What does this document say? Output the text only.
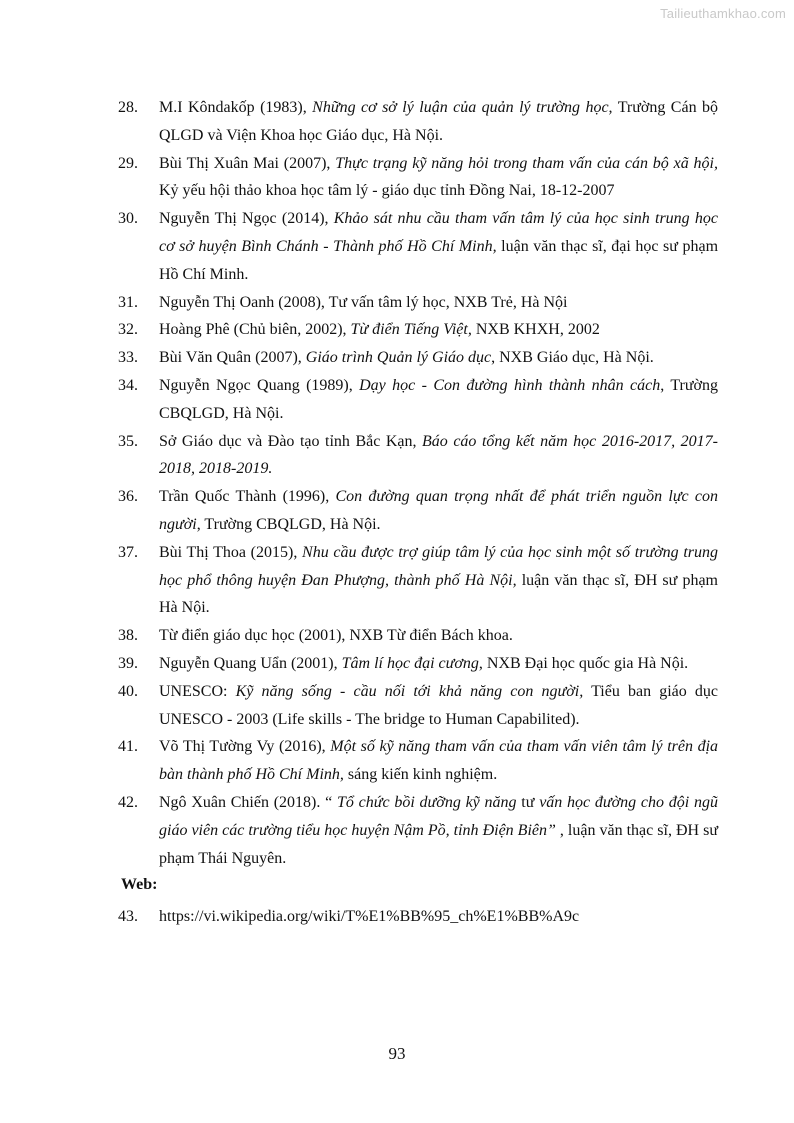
Tailieuthamkhao.com
28. M.I Kôndakốp (1983), Những cơ sở lý luận của quản lý trường học, Trường Cán bộ QLGD và Viện Khoa học Giáo dục, Hà Nội.
29. Bùi Thị Xuân Mai (2007), Thực trạng kỹ năng hỏi trong tham vấn của cán bộ xã hội, Kỷ yếu hội thảo khoa học tâm lý - giáo dục tỉnh Đồng Nai, 18-12-2007
30. Nguyễn Thị Ngọc (2014), Khảo sát nhu cầu tham vấn tâm lý của học sinh trung học cơ sở huyện Bình Chánh - Thành phố Hồ Chí Minh, luận văn thạc sĩ, đại học sư phạm Hồ Chí Minh.
31. Nguyễn Thị Oanh (2008), Tư vấn tâm lý học, NXB Trẻ, Hà Nội
32. Hoàng Phê (Chủ biên, 2002), Từ điển Tiếng Việt, NXB KHXH, 2002
33. Bùi Văn Quân (2007), Giáo trình Quản lý Giáo dục, NXB Giáo dục, Hà Nội.
34. Nguyễn Ngọc Quang (1989), Dạy học - Con đường hình thành nhân cách, Trường CBQLGD, Hà Nội.
35. Sở Giáo dục và Đào tạo tỉnh Bắc Kạn, Báo cáo tổng kết năm học 2016-2017, 2017-2018, 2018-2019.
36. Trần Quốc Thành (1996), Con đường quan trọng nhất để phát triển nguồn lực con người, Trường CBQLGD, Hà Nội.
37. Bùi Thị Thoa (2015), Nhu cầu được trợ giúp tâm lý của học sinh một số trường trung học phổ thông huyện Đan Phượng, thành phố Hà Nội, luận văn thạc sĩ, ĐH sư phạm Hà Nội.
38. Từ điển giáo dục học (2001), NXB Từ điển Bách khoa.
39. Nguyễn Quang Uẩn (2001), Tâm lí học đại cương, NXB Đại học quốc gia Hà Nội.
40. UNESCO: Kỹ năng sống - cầu nối tới khả năng con người, Tiểu ban giáo dục UNESCO - 2003 (Life skills - The bridge to Human Capabilited).
41. Võ Thị Tường Vy (2016), Một số kỹ năng tham vấn của tham vấn viên tâm lý trên địa bàn thành phố Hồ Chí Minh, sáng kiến kinh nghiệm.
42. Ngô Xuân Chiến (2018). “ Tổ chức bồi dưỡng kỹ năng tư vấn học đường cho đội ngũ giáo viên các trường tiểu học huyện Nậm Pồ, tỉnh Điện Biên” , luận văn thạc sĩ, ĐH sư phạm Thái Nguyên.
Web:
43. https://vi.wikipedia.org/wiki/T%E1%BB%95_ch%E1%BB%A9c
93
